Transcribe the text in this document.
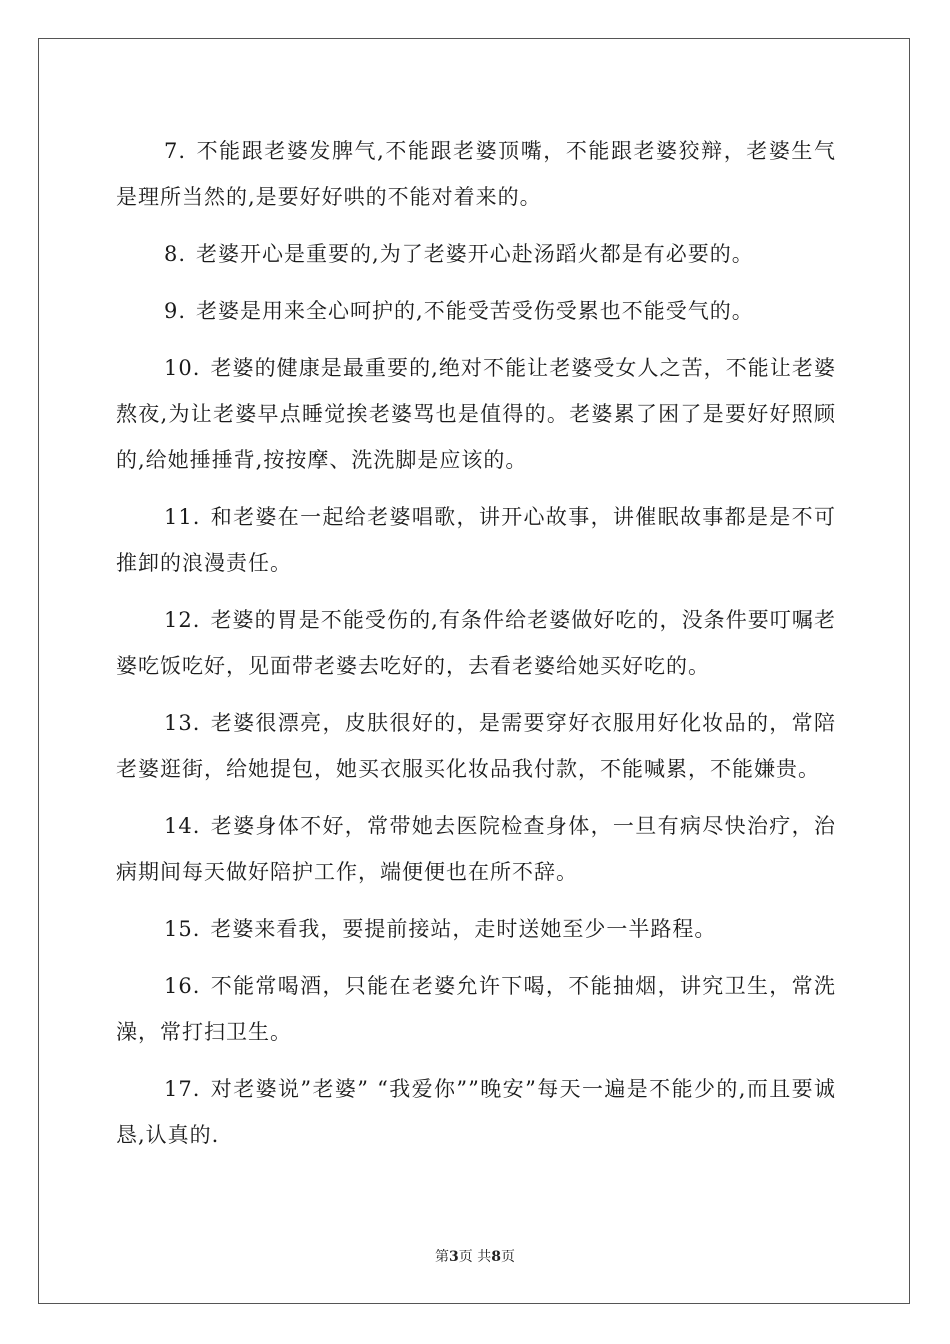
7. 不能跟老婆发脾气,不能跟老婆顶嘴，不能跟老婆狡辩，老婆生气是理所当然的,是要好好哄的不能对着来的。

8. 老婆开心是重要的,为了老婆开心赴汤蹈火都是有必要的。

9. 老婆是用来全心呵护的,不能受苦受伤受累也不能受气的。

10. 老婆的健康是最重要的,绝对不能让老婆受女人之苦，不能让老婆熬夜,为让老婆早点睡觉挨老婆骂也是值得的。老婆累了困了是要好好照顾的,给她捶捶背,按按摩、洗洗脚是应该的。

11. 和老婆在一起给老婆唱歌，讲开心故事，讲催眠故事都是是不可推卸的浪漫责任。

12. 老婆的胃是不能受伤的,有条件给老婆做好吃的，没条件要叮嘱老婆吃饭吃好，见面带老婆去吃好的，去看老婆给她买好吃的。

13. 老婆很漂亮，皮肤很好的，是需要穿好衣服用好化妆品的，常陪老婆逛街，给她提包，她买衣服买化妆品我付款，不能喊累，不能嫌贵。

14. 老婆身体不好，常带她去医院检查身体，一旦有病尽快治疗，治病期间每天做好陪护工作，端便便也在所不辞。

15. 老婆来看我，要提前接站，走时送她至少一半路程。

16. 不能常喝酒，只能在老婆允许下喝，不能抽烟，讲究卫生，常洗澡，常打扫卫生。

17. 对老婆说”老婆” “我爱你””晚安”每天一遍是不能少的,而且要诚恳,认真的.

第3页 共8页
